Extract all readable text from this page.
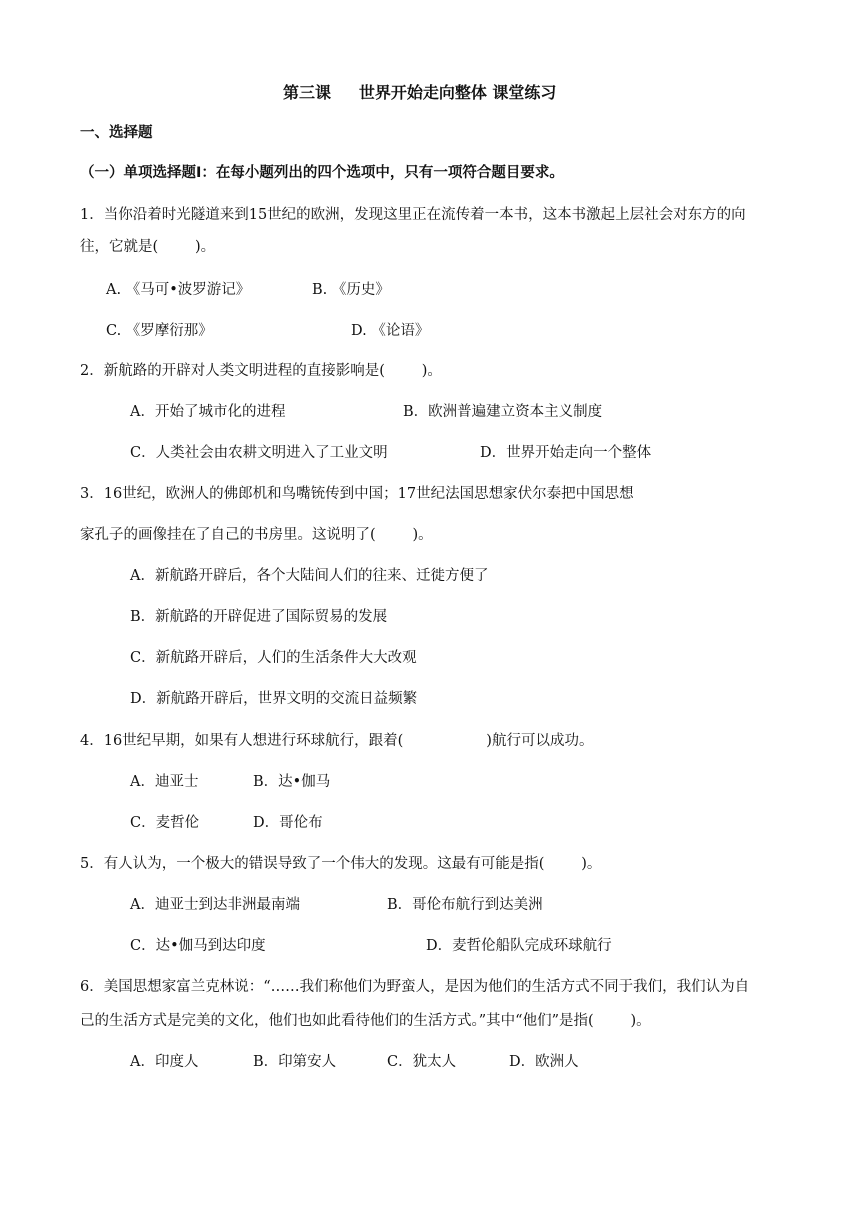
第三课     世界开始走向整体 课堂练习
一、选择题
（一）单项选择题Ⅰ：在每小题列出的四个选项中，只有一项符合题目要求。
1．当你沿着时光隧道来到15世纪的欧洲，发现这里正在流传着一本书，这本书激起上层社会对东方的向
往，它就是(        )。
A. 《马可•波罗游记》	B. 《历史》
C. 《罗摩衍那》	D. 《论语》
2．新航路的开辟对人类文明进程的直接影响是(        )。
A．开始了城市化的进程	B．欧洲普遍建立资本主义制度
C．人类社会由农耕文明进入了工业文明	D．世界开始走向一个整体
3．16世纪，欧洲人的佛郎机和鸟嘴铳传到中国；17世纪法国思想家伏尔泰把中国思想
家孔子的画像挂在了自己的书房里。这说明了(        )。
A．新航路开辟后，各个大陆间人们的往来、迁徙方便了
B．新航路的开辟促进了国际贸易的发展
C．新航路开辟后，人们的生活条件大大改观
D．新航路开辟后，世界文明的交流日益频繁
4．16世纪早期，如果有人想进行环球航行，跟着(                  )航行可以成功。
A．迪亚士	B．达•伽马
C．麦哲伦	D．哥伦布
5．有人认为，一个极大的错误导致了一个伟大的发现。这最有可能是指(        )。
A．迪亚士到达非洲最南端	B．哥伦布航行到达美洲
C．达•伽马到达印度	D．麦哲伦船队完成环球航行
6．美国思想家富兰克林说：“……我们称他们为野蛮人，是因为他们的生活方式不同于我们，我们认为自
己的生活方式是完美的文化，他们也如此看待他们的生活方式。”其中“他们”是指(        )。
A．印度人	B．印第安人	C．犹太人	D．欧洲人
